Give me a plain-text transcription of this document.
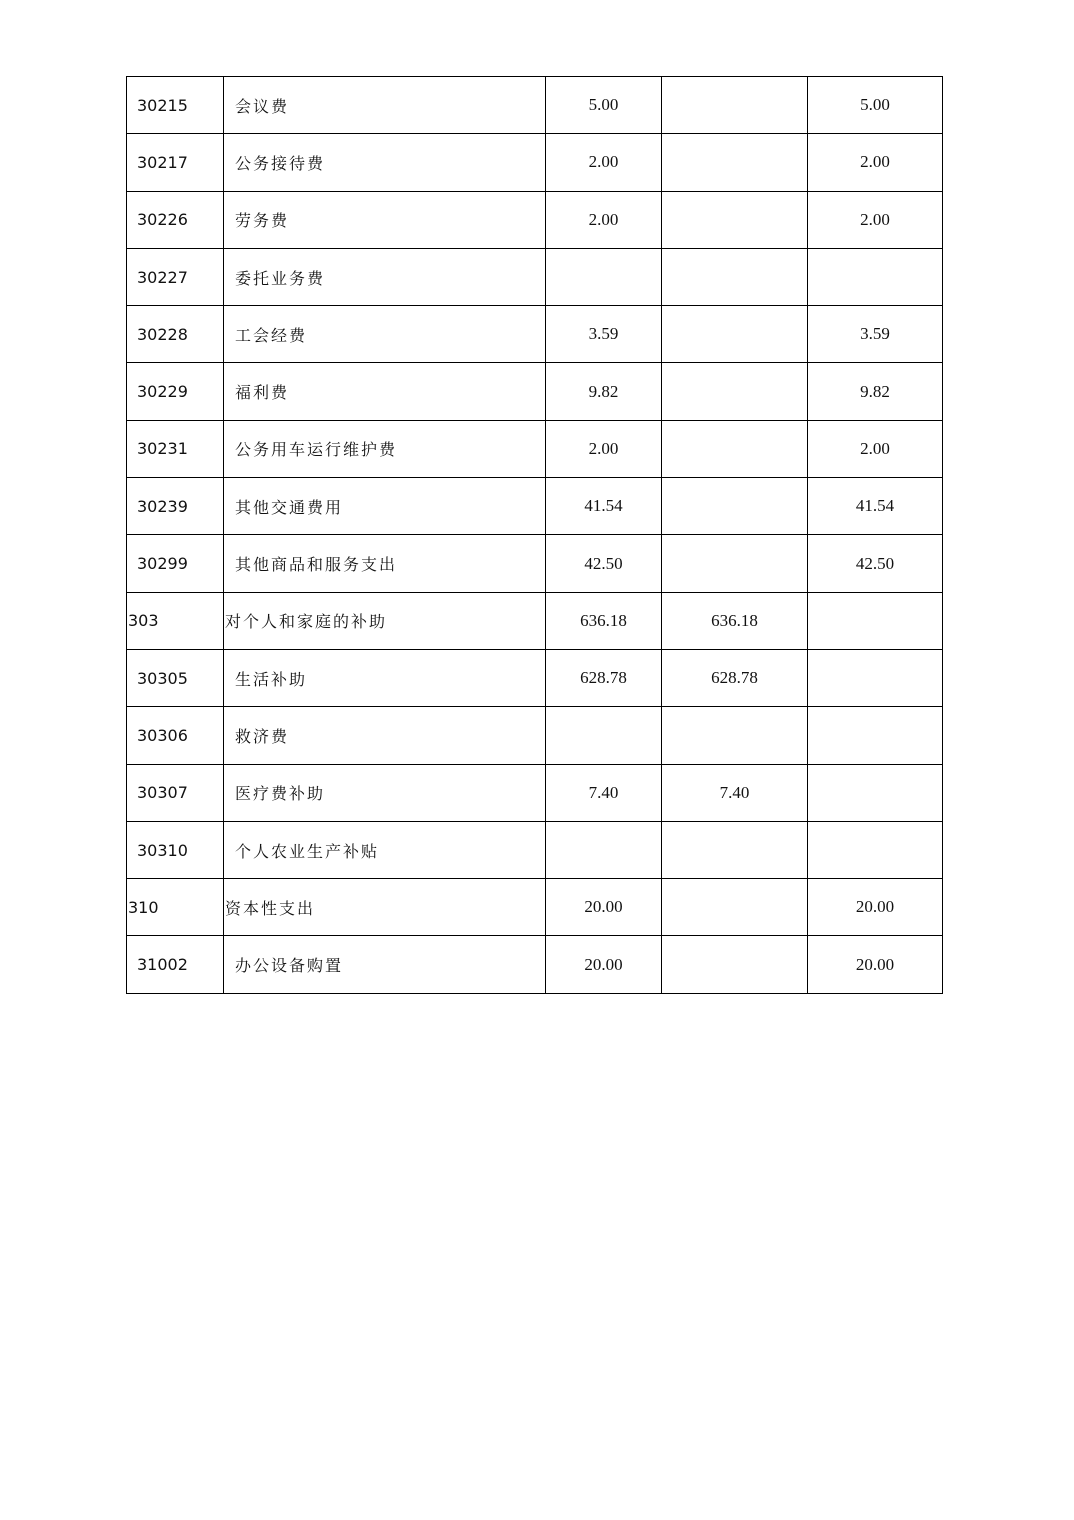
30215	会议费	5.00		5.00
30217	公务接待费	2.00		2.00
30226	劳务费	2.00		2.00
30227	委托业务费			
30228	工会经费	3.59		3.59
30229	福利费	9.82		9.82
30231	公务用车运行维护费	2.00		2.00
30239	其他交通费用	41.54		41.54
30299	其他商品和服务支出	42.50		42.50
303	对个人和家庭的补助	636.18	636.18	
30305	生活补助	628.78	628.78	
30306	救济费			
30307	医疗费补助	7.40	7.40	
30310	个人农业生产补贴			
310	资本性支出	20.00		20.00
31002	办公设备购置	20.00		20.00
